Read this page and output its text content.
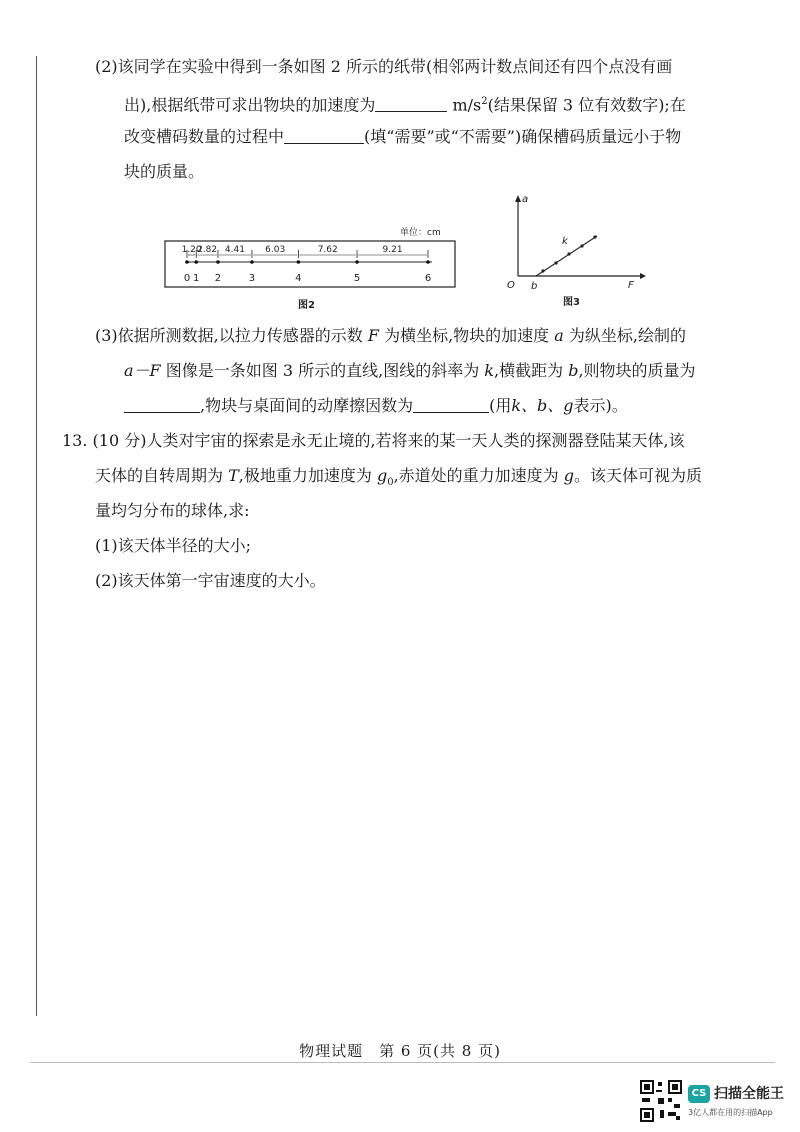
(2)该同学在实验中得到一条如图 2 所示的纸带(相邻两计数点间还有四个点没有画
出),根据纸带可求出物块的加速度为	$m/s^2$(结果保留 3 位有效数字);在
改变槽码数量的过程中	(填“需要”或“不需要”)确保槽码质量远小于物
块的质量。
单位：cm
1.20
2.82 4.41 6.03	7.62	9.21
0 1 2	3	4	5	6
图2
a
F
O
k
b
图3
(3)依据所测数据,以拉力传感器的示数 F 为横坐标,物块的加速度 a 为纵坐标,绘制的
a－F 图像是一条如图 3 所示的直线,图线的斜率为 k,横截距为 b,则物块的质量为
,物块与桌面间的动摩擦因数为	(用k、b、g表示)。
13. (10 分)人类对宇宙的探索是永无止境的,若将来的某一天人类的探测器登陆某天体,该
天体的自转周期为 T,极地重力加速度为 $g_0$,赤道处的重力加速度为 g。该天体可视为质
量均匀分布的球体,求:
(1)该天体半径的大小;
(2)该天体第一宇宙速度的大小。
物理试题　第 6 页(共 8 页)
CS 扫描全能王
3亿人都在用的扫描App
